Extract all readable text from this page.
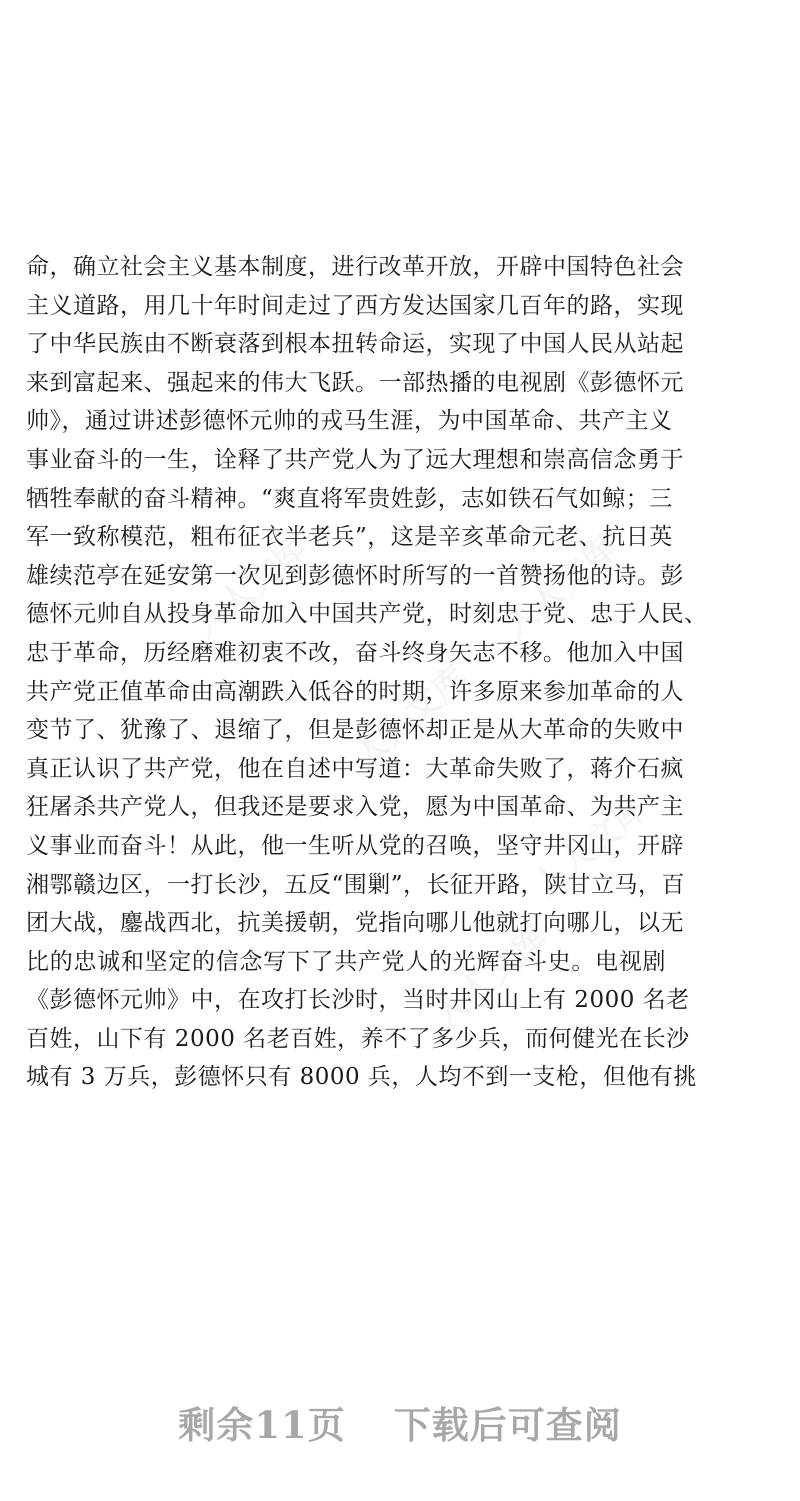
命，确立社会主义基本制度，进行改革开放，开辟中国特色社会
主义道路，用几十年时间走过了西方发达国家几百年的路，实现
了中华民族由不断衰落到根本扭转命运，实现了中国人民从站起
来到富起来、强起来的伟大飞跃。一部热播的电视剧《彭德怀元
帅》，通过讲述彭德怀元帅的戎马生涯，为中国革命、共产主义
事业奋斗的一生，诠释了共产党人为了远大理想和崇高信念勇于
牺牲奉献的奋斗精神。“爽直将军贵姓彭，志如铁石气如鲸；三
军一致称模范，粗布征衣半老兵”，这是辛亥革命元老、抗日英
雄续范亭在延安第一次见到彭德怀时所写的一首赞扬他的诗。彭
德怀元帅自从投身革命加入中国共产党，时刻忠于党、忠于人民、
忠于革命，历经磨难初衷不改，奋斗终身矢志不移。他加入中国
共产党正值革命由高潮跌入低谷的时期，许多原来参加革命的人
变节了、犹豫了、退缩了，但是彭德怀却正是从大革命的失败中
真正认识了共产党，他在自述中写道：大革命失败了，蒋介石疯
狂屠杀共产党人，但我还是要求入党，愿为中国革命、为共产主
义事业而奋斗！从此，他一生听从党的召唤，坚守井冈山，开辟
湘鄂赣边区，一打长沙，五反“围剿”，长征开路，陕甘立马，百
团大战，鏖战西北，抗美援朝，党指向哪儿他就打向哪儿，以无
比的忠诚和坚定的信念写下了共产党人的光辉奋斗史。电视剧
《彭德怀元帅》中，在攻打长沙时，当时井冈山上有 2000 名老
百姓，山下有 2000 名老百姓，养不了多少兵，而何健光在长沙
城有 3 万兵，彭德怀只有 8000 兵，人均不到一支枪，但他有挑
剩余11页 下载后可查阅
